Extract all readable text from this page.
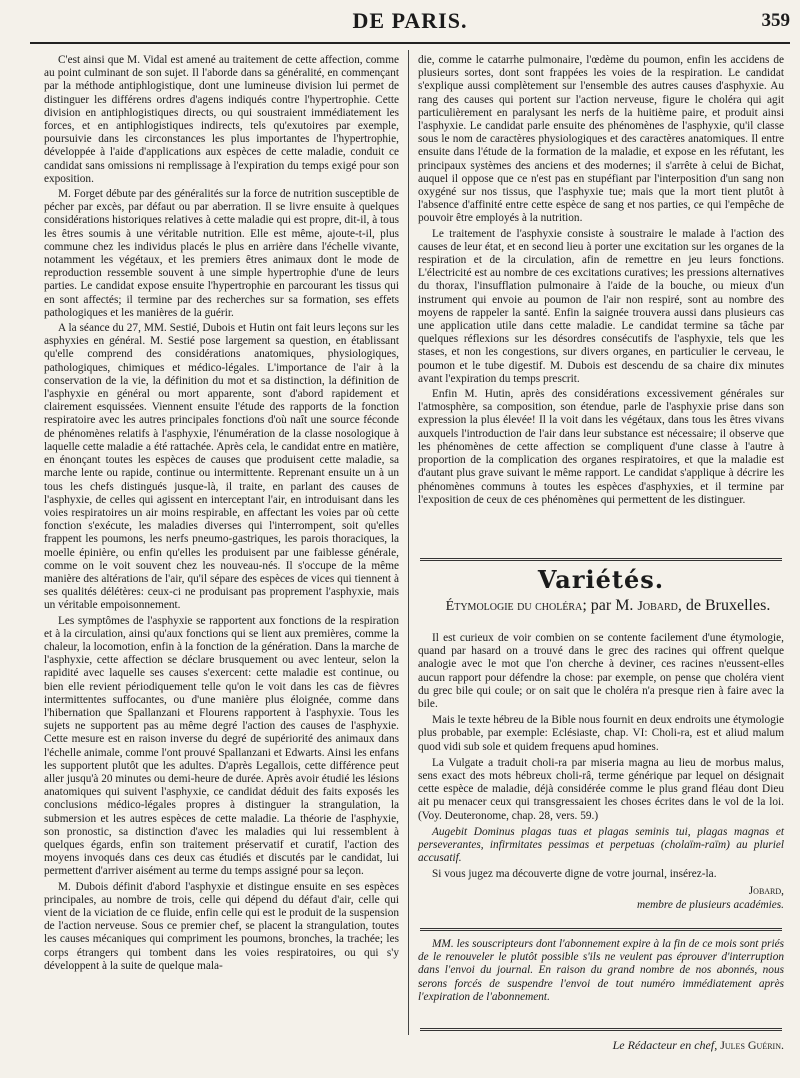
DE PARIS.	359

C'est ainsi que M. Vidal est amené au traitement de cette affection, comme au point culminant de son sujet. Il l'aborde dans sa généralité, en commençant par la méthode antiphlogistique, dont une lumineuse division lui permet de distinguer les différens ordres d'agens indiqués contre l'hypertrophie. Cette division en antiphlogistiques directs, ou qui soustraient immédiatement les forces, et en antiphlogistiques indirects, tels qu'exutoires par exemple, poursuivie dans les circonstances les plus importantes de l'hypertrophie, développée à l'aide d'applications aux espèces de cette maladie, conduit ce candidat sans omissions ni remplissage à l'expiration du temps exigé pour son exposition.

M. Forget débute par des généralités sur la force de nutrition susceptible de pécher par excès, par défaut ou par aberration. Il se livre ensuite à quelques considérations historiques relatives à cette maladie qui est propre, dit-il, à tous les êtres soumis à une véritable nutrition. Elle est même, ajoute-t-il, plus commune chez les individus placés le plus en arrière dans l'échelle vivante, notamment les végétaux, et les premiers êtres animaux dont le mode de reproduction ressemble souvent à une simple hypertrophie d'une de leurs parties. Le candidat expose ensuite l'hypertrophie en parcourant les tissus qui en sont affectés; il termine par des recherches sur sa formation, ses effets pathologiques et les manières de la guérir.

A la séance du 27, MM. Sestié, Dubois et Hutin ont fait leurs leçons sur les asphyxies en général. M. Sestié pose largement sa question, en établissant qu'elle comprend des considérations anatomiques, physiologiques, pathologiques, chimiques et médico-légales. L'importance de l'air à la conservation de la vie, la définition du mot et sa distinction, la définition de l'asphyxie en général ou mort apparente, sont d'abord rapidement et clairement esquissées. Viennent ensuite l'étude des rapports de la fonction respiratoire avec les autres principales fonctions d'où naît une source féconde de phénomènes relatifs à l'asphyxie, l'énumération de la classe nosologique à laquelle cette maladie a été rattachée. Après cela, le candidat entre en matière, en énonçant toutes les espèces de causes que produisent cette maladie, sa marche lente ou rapide, continue ou intermittente. Reprenant ensuite un à un tous les chefs distingués jusque-là, il traite, en parlant des causes de l'asphyxie, de celles qui agissent en interceptant l'air, en introduisant dans les voies respiratoires un air moins respirable, en affectant les voies par où cette fonction s'exécute, les maladies diverses qui l'interrompent, soit qu'elles frappent les poumons, les nerfs pneumo-gastriques, les parois thoraciques, la moelle épinière, ou enfin qu'elles les produisent par une faiblesse générale, comme on le voit souvent chez les nouveau-nés. Il s'occupe de la même manière des altérations de l'air, qu'il sépare des espèces de vices qui tiennent à ses qualités délétères: ceux-ci ne produisant pas proprement l'asphyxie, mais un véritable empoisonnement.

Les symptômes de l'asphyxie se rapportent aux fonctions de la respiration et à la circulation, ainsi qu'aux fonctions qui se lient aux premières, comme la chaleur, la locomotion, enfin à la fonction de la génération. Dans la marche de l'asphyxie, cette affection se déclare brusquement ou avec lenteur, selon la rapidité avec laquelle ses causes s'exercent: cette maladie est continue, ou bien elle revient périodiquement telle qu'on le voit dans les cas de fièvres intermittentes suffocantes, ou d'une manière plus éloignée, comme dans l'hibernation que Spallanzani et Flourens rapportent à l'asphyxie. Tous les sujets ne supportent pas au même degré l'action des causes de l'asphyxie. Cette mesure est en raison inverse du degré de supériorité des animaux dans l'échelle animale, comme l'ont prouvé Spallanzani et Edwarts. Ainsi les enfans les supportent plutôt que les adultes. D'après Legallois, cette différence peut aller jusqu'à 20 minutes ou demi-heure de durée. Après avoir étudié les lésions anatomiques qui suivent l'asphyxie, ce candidat déduit des faits exposés les conclusions médico-légales propres à distinguer la strangulation, la submersion et les autres espèces de cette maladie. La théorie de l'asphyxie, son pronostic, sa distinction d'avec les maladies qui lui ressemblent à quelques égards, enfin son traitement préservatif et curatif, l'action des moyens invoqués dans ces deux cas étudiés et discutés par le candidat, lui permettent d'arriver aisément au terme du temps assigné pour sa leçon.

M. Dubois définit d'abord l'asphyxie et distingue ensuite en ses espèces principales, au nombre de trois, celle qui dépend du défaut d'air, celle qui vient de la viciation de ce fluide, enfin celle qui est le produit de la suspension de l'action nerveuse. Sous ce premier chef, se placent la strangulation, toutes les causes mécaniques qui compriment les poumons, bronches, la trachée; les corps étrangers qui tombent dans les voies respiratoires, ou qui s'y développent à la suite de quelque mala-

die, comme le catarrhe pulmonaire, l'œdème du poumon, enfin les accidens de plusieurs sortes, dont sont frappées les voies de la respiration. Le candidat s'explique aussi complètement sur l'ensemble des autres causes d'asphyxie. Au rang des causes qui portent sur l'action nerveuse, figure le choléra qui agit particulièrement en paralysant les nerfs de la huitième paire, et produit ainsi l'asphyxie. Le candidat parle ensuite des phénomènes de l'asphyxie, qu'il classe sous le nom de caractères physiologiques et des caractères anatomiques. Il entre ensuite dans l'étude de la formation de la maladie, et expose en les réfutant, les principaux systèmes des anciens et des modernes; il s'arrête à celui de Bichat, auquel il oppose que ce n'est pas en stupéfiant par l'interposition d'un sang non oxygéné sur nos tissus, que l'asphyxie tue; mais que la mort tient plutôt à l'absence d'affinité entre cette espèce de sang et nos parties, ce qui l'empêche de pouvoir être employés à la nutrition.

Le traitement de l'asphyxie consiste à soustraire le malade à l'action des causes de leur état, et en second lieu à porter une excitation sur les organes de la respiration et de la circulation, afin de remettre en jeu leurs fonctions. L'électricité est au nombre de ces excitations curatives; les pressions alternatives du thorax, l'insufflation pulmonaire à l'aide de la bouche, ou mieux d'un instrument qui envoie au poumon de l'air non respiré, sont au nombre des moyens de rappeler la santé. Enfin la saignée trouvera aussi dans plusieurs cas une application utile dans cette maladie. Le candidat termine sa tâche par quelques réflexions sur les désordres consécutifs de l'asphyxie, tels que les stases, et non les congestions, sur divers organes, en particulier le cerveau, le poumon et le tube digestif. M. Dubois est descendu de sa chaire dix minutes avant l'expiration du temps prescrit.

Enfin M. Hutin, après des considérations excessivement générales sur l'atmosphère, sa composition, son étendue, parle de l'asphyxie prise dans son expression la plus élevée! Il la voit dans les végétaux, dans tous les êtres vivans auxquels l'introduction de l'air dans leur substance est nécessaire; il observe que les phénomènes de cette affection se compliquent d'une classe à l'autre à proportion de la complication des organes respiratoires, et que la maladie est d'autant plus grave suivant le même rapport. Le candidat s'applique à décrire les phénomènes communs à toutes les espèces d'asphyxies, et il termine par l'exposition de ceux de ces phénomènes qui permettent de les distinguer.

Variétés.
Étymologie du choléra; par M. Jobard, de Bruxelles.

Il est curieux de voir combien on se contente facilement d'une étymologie, quand par hasard on a trouvé dans le grec des racines qui offrent quelque analogie avec le mot que l'on cherche à deviner, ces racines n'eussent-elles aucun rapport pour défendre la chose: par exemple, on pense que choléra vient du grec bile qui coule; or on sait que le choléra n'a presque rien à faire avec la bile.

Mais le texte hébreu de la Bible nous fournit en deux endroits une étymologie plus probable, par exemple: Eclésiaste, chap. VI: Choli-ra, est et aliud malum quod vidi sub sole et quidem frequens apud homines.

La Vulgate a traduit choli-ra par miseria magna au lieu de morbus malus, sens exact des mots hébreux choli-râ, terme générique par lequel on désignait cette espèce de maladie, déjà considérée comme le plus grand fléau dont Dieu ait pu menacer ceux qui transgressaient les choses écrites dans le vol de la loi. (Voy. Deuteronome, chap. 28, vers. 59.)

Augebit Dominus plagas tuas et plagas seminis tui, plagas magnas et perseverantes, infirmitates pessimas et perpetuas (cholaïm-raïm) au pluriel accusatif.

Si vous jugez ma découverte digne de votre journal, insérez-la.

Jobard,
membre de plusieurs académies.

MM. les souscripteurs dont l'abonnement expire à la fin de ce mois sont priés de le renouveler le plutôt possible s'ils ne veulent pas éprouver d'interruption dans l'envoi du journal. En raison du grand nombre de nos abonnés, nous serons forcés de suspendre l'envoi de tout numéro immédiatement après l'expiration de l'abonnement.

Le Rédacteur en chef, Jules Guérin.
